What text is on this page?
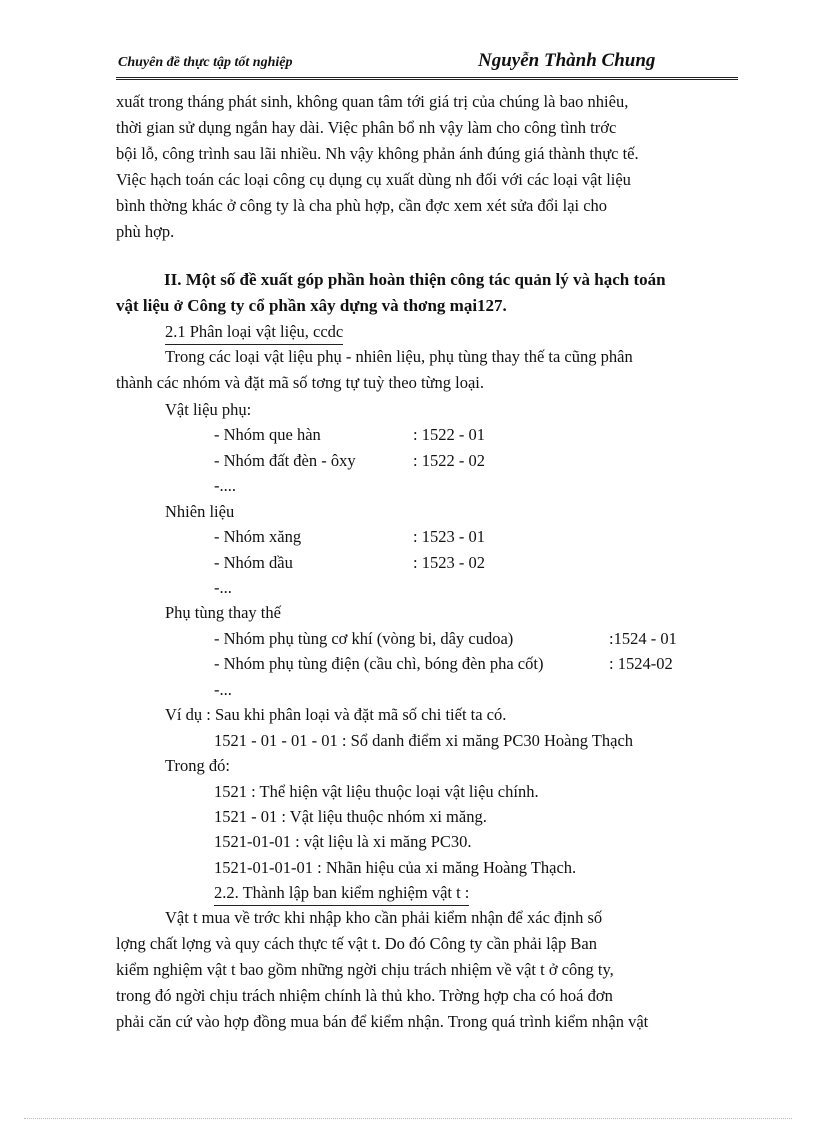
Chuyên đề thực tập tốt nghiệp	Nguyễn Thành Chung
xuất trong tháng phát sinh, không quan tâm tới giá trị của chúng là bao nhiêu,
thời gian sử dụng ngắn hay dài. Việc phân bổ nh vậy làm cho công tình trớc
bội lỗ, công trình sau lãi nhiều. Nh vậy không phản ánh đúng giá thành thực tế.
Việc hạch toán các loại công cụ dụng cụ xuất dùng nh đối với các loại vật liệu
bình thờng khác ở công ty là cha phù hợp, cần đợc xem xét sửa đổi lại cho
phù hợp.
II. Một số đề xuất góp phần hoàn thiện công tác quản lý và hạch toán
vật liệu ở Công ty cổ phần xây dựng và thơng mại127.
2.1 Phân loại vật liệu, ccdc
Trong các loại vật liệu phụ - nhiên liệu, phụ tùng thay thế ta cũng phân
thành các nhóm và đặt mã số tơng tự tuỳ theo từng loại.
Vật liệu phụ:
- Nhóm que hàn	: 1522 - 01
- Nhóm đất đèn - ôxy	: 1522 - 02
-....
Nhiên liệu
- Nhóm xăng	: 1523 - 01
- Nhóm dầu	: 1523 - 02
-...
Phụ tùng thay thế
- Nhóm phụ tùng cơ khí (vòng bi, dây cudoa)	:1524 - 01
- Nhóm phụ tùng điện (cầu chì, bóng đèn pha cốt)	: 1524-02
-...
Ví dụ : Sau khi phân loại và đặt mã số chi tiết ta có.
1521 - 01 - 01 - 01 : Sổ danh điểm xi măng PC30 Hoàng Thạch
Trong đó:
1521 : Thể hiện vật liệu thuộc loại vật liệu chính.
1521 - 01 : Vật liệu thuộc nhóm xi măng.
1521-01-01 : vật liệu là xi măng PC30.
1521-01-01-01 : Nhãn hiệu của xi măng Hoàng Thạch.
2.2. Thành lập ban kiểm nghiệm vật t :
Vật t mua về trớc khi nhập kho cần phải kiểm nhận để xác định số
lợng chất lợng và quy cách thực tế vật t. Do đó Công ty cần phải lập Ban
kiểm nghiệm vật t bao gồm những ngời chịu trách nhiệm về vật t ở công ty,
trong đó ngời chịu trách nhiệm chính là thủ kho. Trờng hợp cha có hoá đơn
phải căn cứ vào hợp đồng mua bán để kiểm nhận. Trong quá trình kiểm nhận vật
